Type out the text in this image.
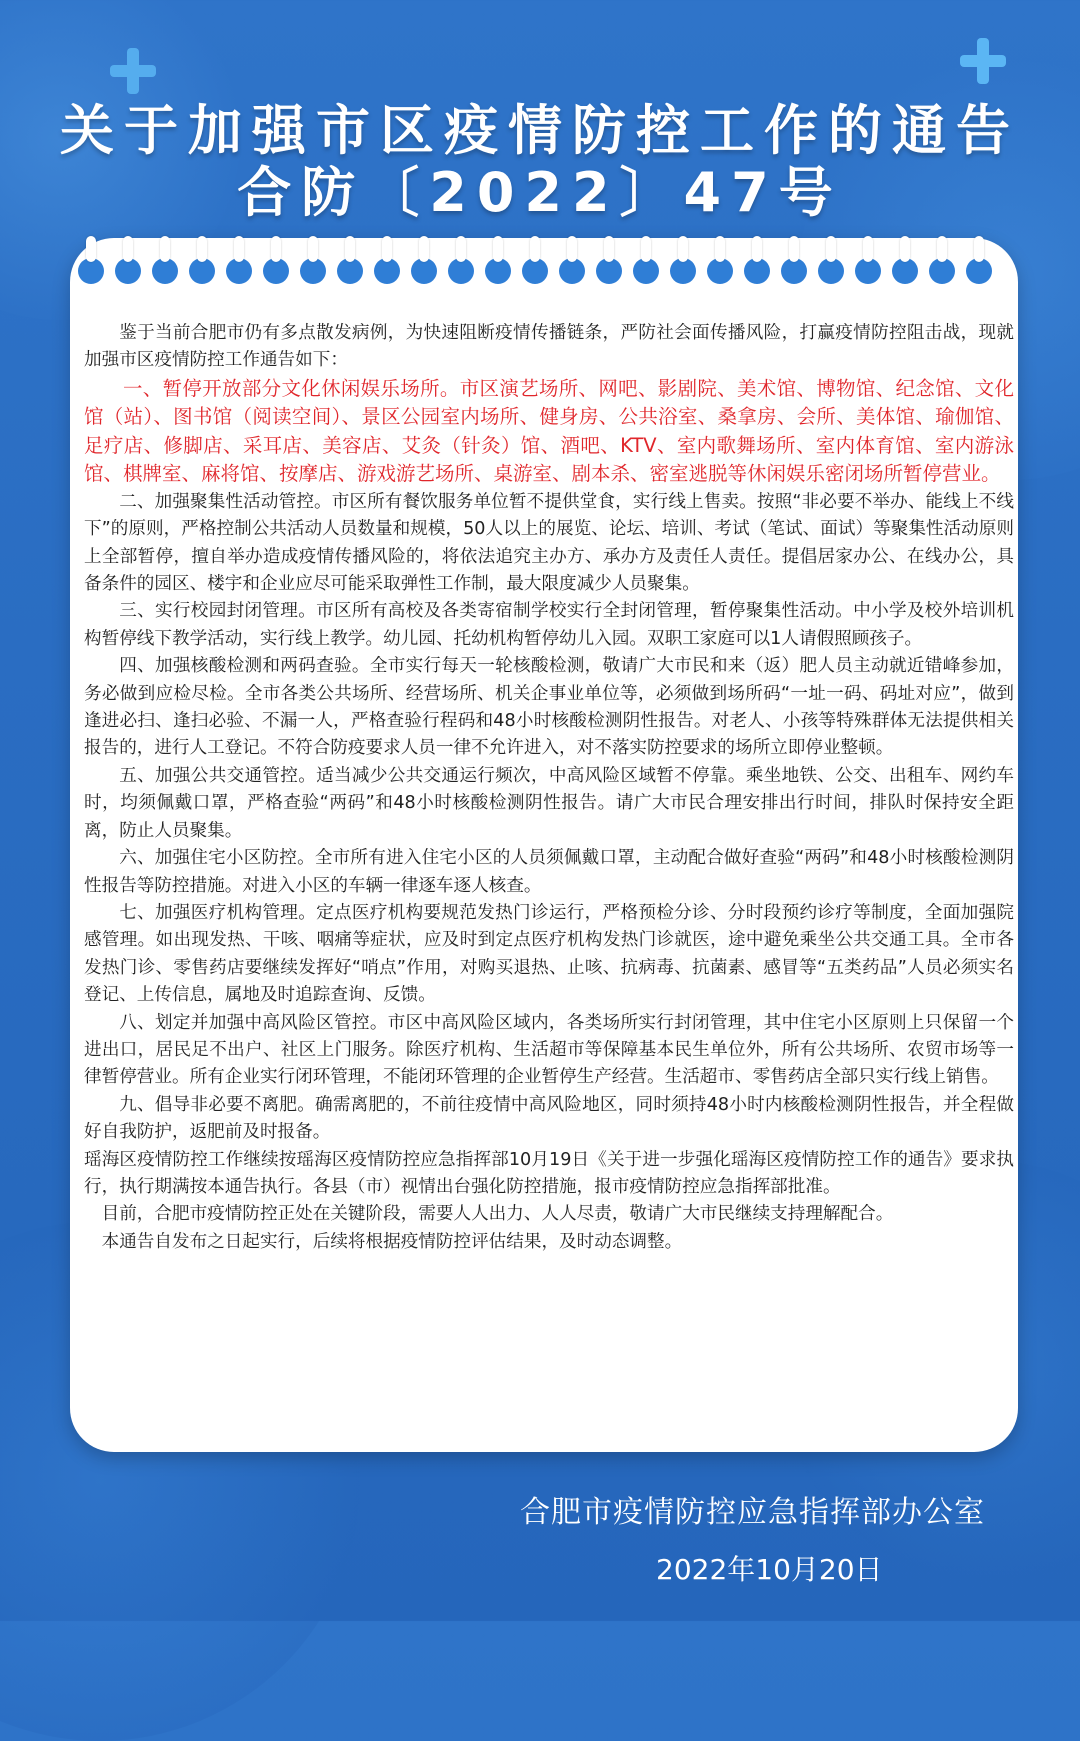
关于加强市区疫情防控工作的通告
合防〔2022〕47号

鉴于当前合肥市仍有多点散发病例，为快速阻断疫情传播链条，严防社会面传播风险，打赢疫情防控阻击战，现就加强市区疫情防控工作通告如下：

一、暂停开放部分文化休闲娱乐场所。市区演艺场所、网吧、影剧院、美术馆、博物馆、纪念馆、文化馆（站）、图书馆（阅读空间）、景区公园室内场所、健身房、公共浴室、桑拿房、会所、美体馆、瑜伽馆、足疗店、修脚店、采耳店、美容店、艾灸（针灸）馆、酒吧、KTV、室内歌舞场所、室内体育馆、室内游泳馆、棋牌室、麻将馆、按摩店、游戏游艺场所、桌游室、剧本杀、密室逃脱等休闲娱乐密闭场所暂停营业。

二、加强聚集性活动管控。市区所有餐饮服务单位暂不提供堂食，实行线上售卖。按照“非必要不举办、能线上不线下”的原则，严格控制公共活动人员数量和规模，50人以上的展览、论坛、培训、考试（笔试、面试）等聚集性活动原则上全部暂停，擅自举办造成疫情传播风险的，将依法追究主办方、承办方及责任人责任。提倡居家办公、在线办公，具备条件的园区、楼宇和企业应尽可能采取弹性工作制，最大限度减少人员聚集。

三、实行校园封闭管理。市区所有高校及各类寄宿制学校实行全封闭管理，暂停聚集性活动。中小学及校外培训机构暂停线下教学活动，实行线上教学。幼儿园、托幼机构暂停幼儿入园。双职工家庭可以1人请假照顾孩子。

四、加强核酸检测和两码查验。全市实行每天一轮核酸检测，敬请广大市民和来（返）肥人员主动就近错峰参加，务必做到应检尽检。全市各类公共场所、经营场所、机关企事业单位等，必须做到场所码“一址一码、码址对应”，做到逢进必扫、逢扫必验、不漏一人，严格查验行程码和48小时核酸检测阴性报告。对老人、小孩等特殊群体无法提供相关报告的，进行人工登记。不符合防疫要求人员一律不允许进入，对不落实防控要求的场所立即停业整顿。

五、加强公共交通管控。适当减少公共交通运行频次，中高风险区域暂不停靠。乘坐地铁、公交、出租车、网约车时，均须佩戴口罩，严格查验“两码”和48小时核酸检测阴性报告。请广大市民合理安排出行时间，排队时保持安全距离，防止人员聚集。

六、加强住宅小区防控。全市所有进入住宅小区的人员须佩戴口罩，主动配合做好查验“两码”和48小时核酸检测阴性报告等防控措施。对进入小区的车辆一律逐车逐人核查。

七、加强医疗机构管理。定点医疗机构要规范发热门诊运行，严格预检分诊、分时段预约诊疗等制度，全面加强院感管理。如出现发热、干咳、咽痛等症状，应及时到定点医疗机构发热门诊就医，途中避免乘坐公共交通工具。全市各发热门诊、零售药店要继续发挥好“哨点”作用，对购买退热、止咳、抗病毒、抗菌素、感冒等“五类药品”人员必须实名登记、上传信息，属地及时追踪查询、反馈。

八、划定并加强中高风险区管控。市区中高风险区域内，各类场所实行封闭管理，其中住宅小区原则上只保留一个进出口，居民足不出户、社区上门服务。除医疗机构、生活超市等保障基本民生单位外，所有公共场所、农贸市场等一律暂停营业。所有企业实行闭环管理，不能闭环管理的企业暂停生产经营。生活超市、零售药店全部只实行线上销售。

九、倡导非必要不离肥。确需离肥的，不前往疫情中高风险地区，同时须持48小时内核酸检测阴性报告，并全程做好自我防护，返肥前及时报备。

瑶海区疫情防控工作继续按瑶海区疫情防控应急指挥部10月19日《关于进一步强化瑶海区疫情防控工作的通告》要求执行，执行期满按本通告执行。各县（市）视情出台强化防控措施，报市疫情防控应急指挥部批准。

目前，合肥市疫情防控正处在关键阶段，需要人人出力、人人尽责，敬请广大市民继续支持理解配合。

本通告自发布之日起实行，后续将根据疫情防控评估结果，及时动态调整。

合肥市疫情防控应急指挥部办公室
2022年10月20日
